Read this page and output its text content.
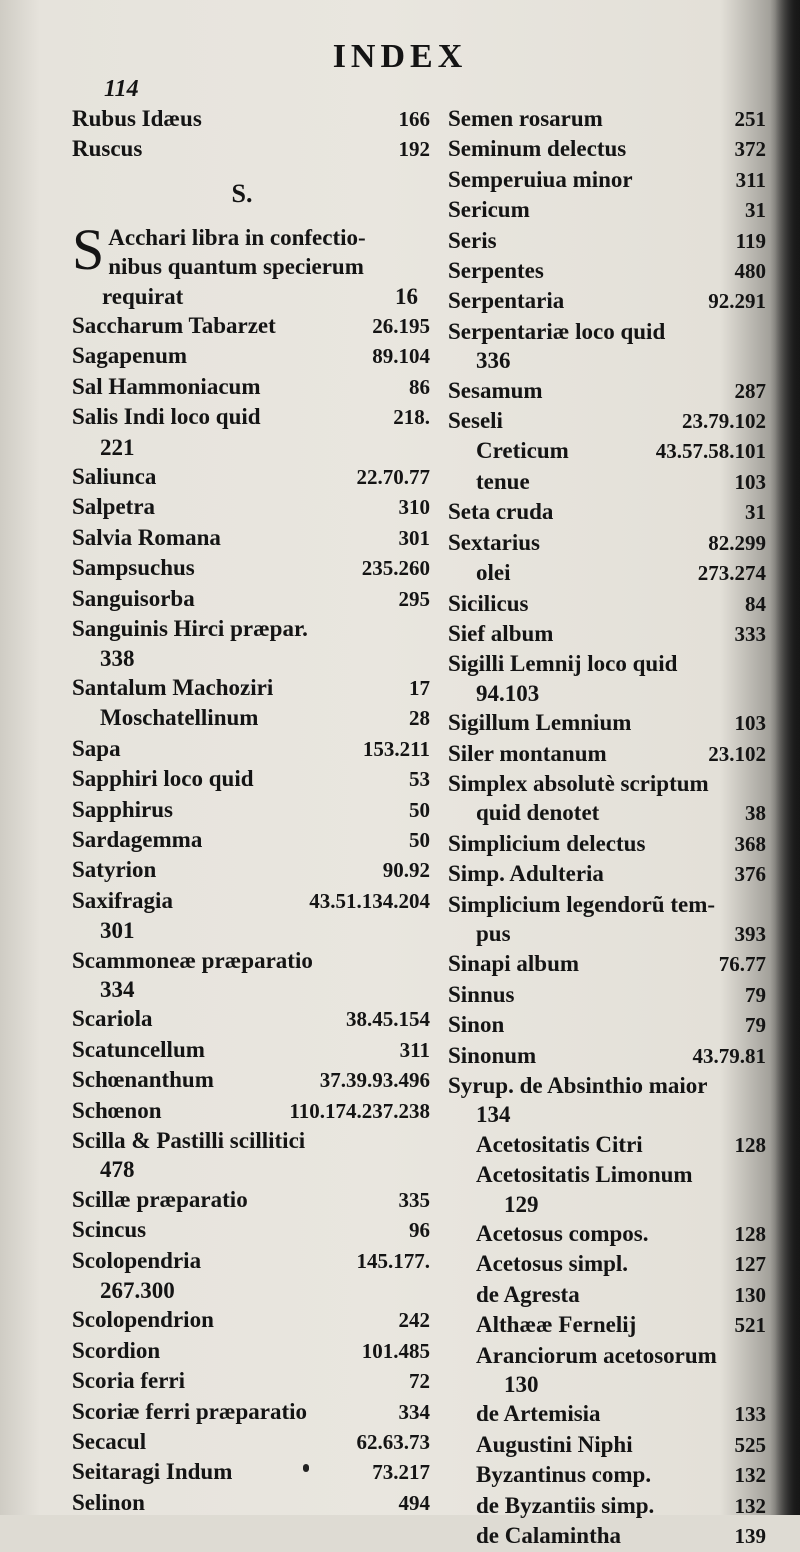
INDEX
114
Rubus Idæus	166
Ruscus	192
S.
S Acchari libra in confectio-
nibus quantum specierum
requirat	16
Saccharum Tabarzet	26.195
Sagapenum	89.104
Sal Hammoniacum	86
Salis Indi loco quid	218.
221
Saliunca	22.70.77
Salpetra	310
Salvia Romana	301
Sampsuchus	235.260
Sanguisorba	295
Sanguinis Hirci præpar.
338
Santalum Machoziri	17
Moschatellinum	28
Sapa	153.211
Sapphiri loco quid	53
Sapphirus	50
Sardagemma	50
Satyrion	90.92
Saxifragia	43.51.134.204
301
Scammoneæ præparatio
334
Scariola	38.45.154
Scatuncellum	311
Schœnanthum	37.39.93.496
Schœnon	110.174.237.238
Scilla & Pastilli scillitici
478
Scillæ præparatio	335
Scincus	96
Scolopendria	145.177.
267.300
Scolopendrion	242
Scordion	101.485
Scoria ferri	72
Scoriæ ferri præparatio	334
Secacul	62.63.73
Seitaragi Indum	73.217
Selinon	494
Semen rosarum	251
Seminum delectus	372
Semperuiua minor	311
Sericum	31
Seris	119
Serpentes	480
Serpentaria	92.291
Serpentariæ loco quid
336
Sesamum	287
Seseli	23.79.102
Creticum	43.57.58.101
tenue	103
Seta cruda	31
Sextarius	82.299
olei	273.274
Sicilicus	84
Sief album	333
Sigilli Lemnij loco quid
94.103
Sigillum Lemnium	103
Siler montanum	23.102
Simplex absolutè scriptum
quid denotet	38
Simplicium delectus	368
Simp. Adulteria	376
Simplicium legendorũ tem-
pus	393
Sinapi album	76.77
Sinnus	79
Sinon	79
Sinonum	43.79.81
Syrup. de Absinthio maior
134
Acetositatis Citri	128
Acetositatis Limonum
129
Acetosus compos.	128
Acetosus simpl.	127
de Agresta	130
Althææ Fernelij	521
Aranciorum acetosorum
130
de Artemisia	133
Augustini Niphi	525
Byzantinus comp.	132
de Byzantiis simp.	132
de Calamintha	139
